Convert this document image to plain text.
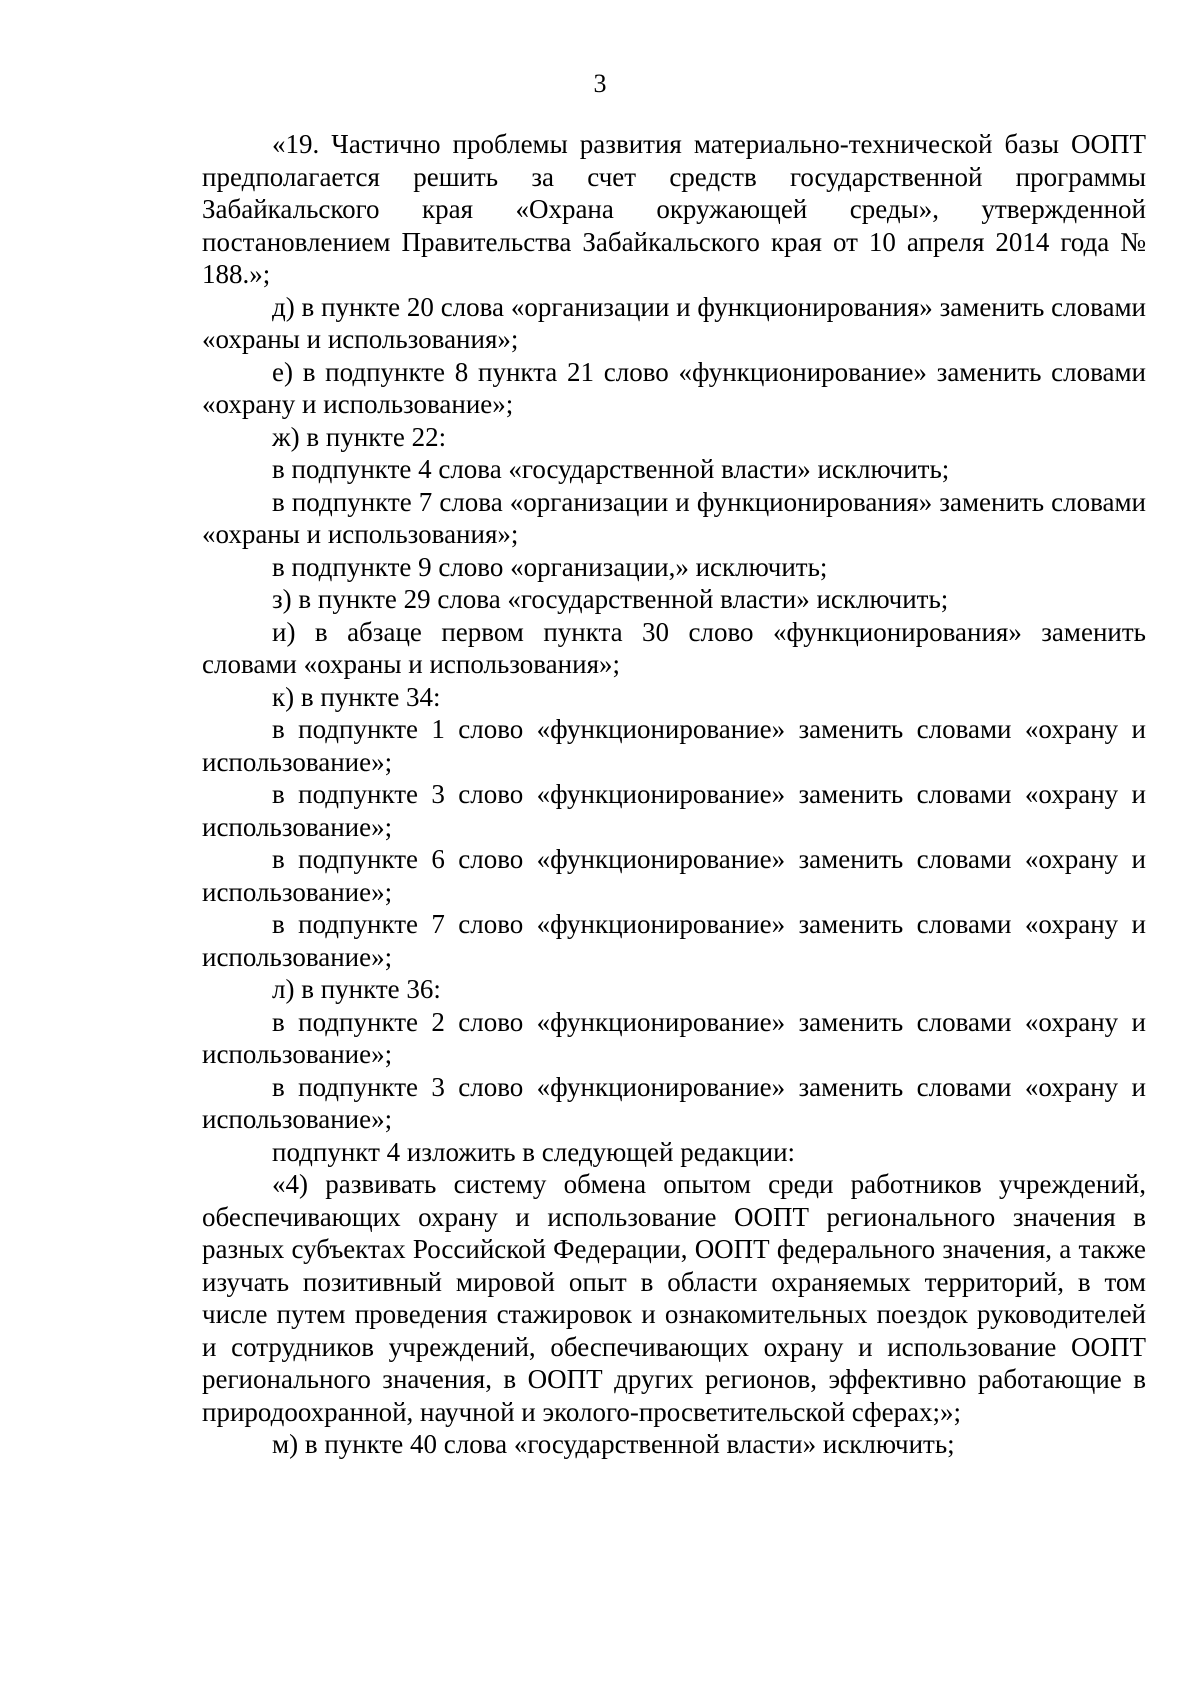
3

«19. Частично проблемы развития материально-технической базы ООПТ предполагается решить за счет средств государственной программы Забайкальского края «Охрана окружающей среды», утвержденной постановлением Правительства Забайкальского края от 10 апреля 2014 года № 188.»;

д) в пункте 20 слова «организации и функционирования» заменить словами «охраны и использования»;

е) в подпункте 8 пункта 21 слово «функционирование» заменить словами «охрану и использование»;

ж) в пункте 22:

в подпункте 4 слова «государственной власти» исключить;

в подпункте 7 слова «организации и функционирования» заменить словами «охраны и использования»;

в подпункте 9 слово «организации,» исключить;

з) в пункте 29 слова «государственной власти» исключить;

и) в абзаце первом пункта 30 слово «функционирования» заменить словами «охраны и использования»;

к) в пункте 34:

в подпункте 1 слово «функционирование» заменить словами «охрану и использование»;

в подпункте 3 слово «функционирование» заменить словами «охрану и использование»;

в подпункте 6 слово «функционирование» заменить словами «охрану и использование»;

в подпункте 7 слово «функционирование» заменить словами «охрану и использование»;

л) в пункте 36:

в подпункте 2 слово «функционирование» заменить словами «охрану и использование»;

в подпункте 3 слово «функционирование» заменить словами «охрану и использование»;

подпункт 4 изложить в следующей редакции:

«4) развивать систему обмена опытом среди работников учреждений, обеспечивающих охрану и использование ООПТ регионального значения в разных субъектах Российской Федерации, ООПТ федерального значения, а также изучать позитивный мировой опыт в области охраняемых территорий, в том числе путем проведения стажировок и ознакомительных поездок руководителей и сотрудников учреждений, обеспечивающих охрану и использование ООПТ регионального значения, в ООПТ других регионов, эффективно работающие в природоохранной, научной и эколого-просветительской сферах;»;

м) в пункте 40 слова «государственной власти» исключить;
